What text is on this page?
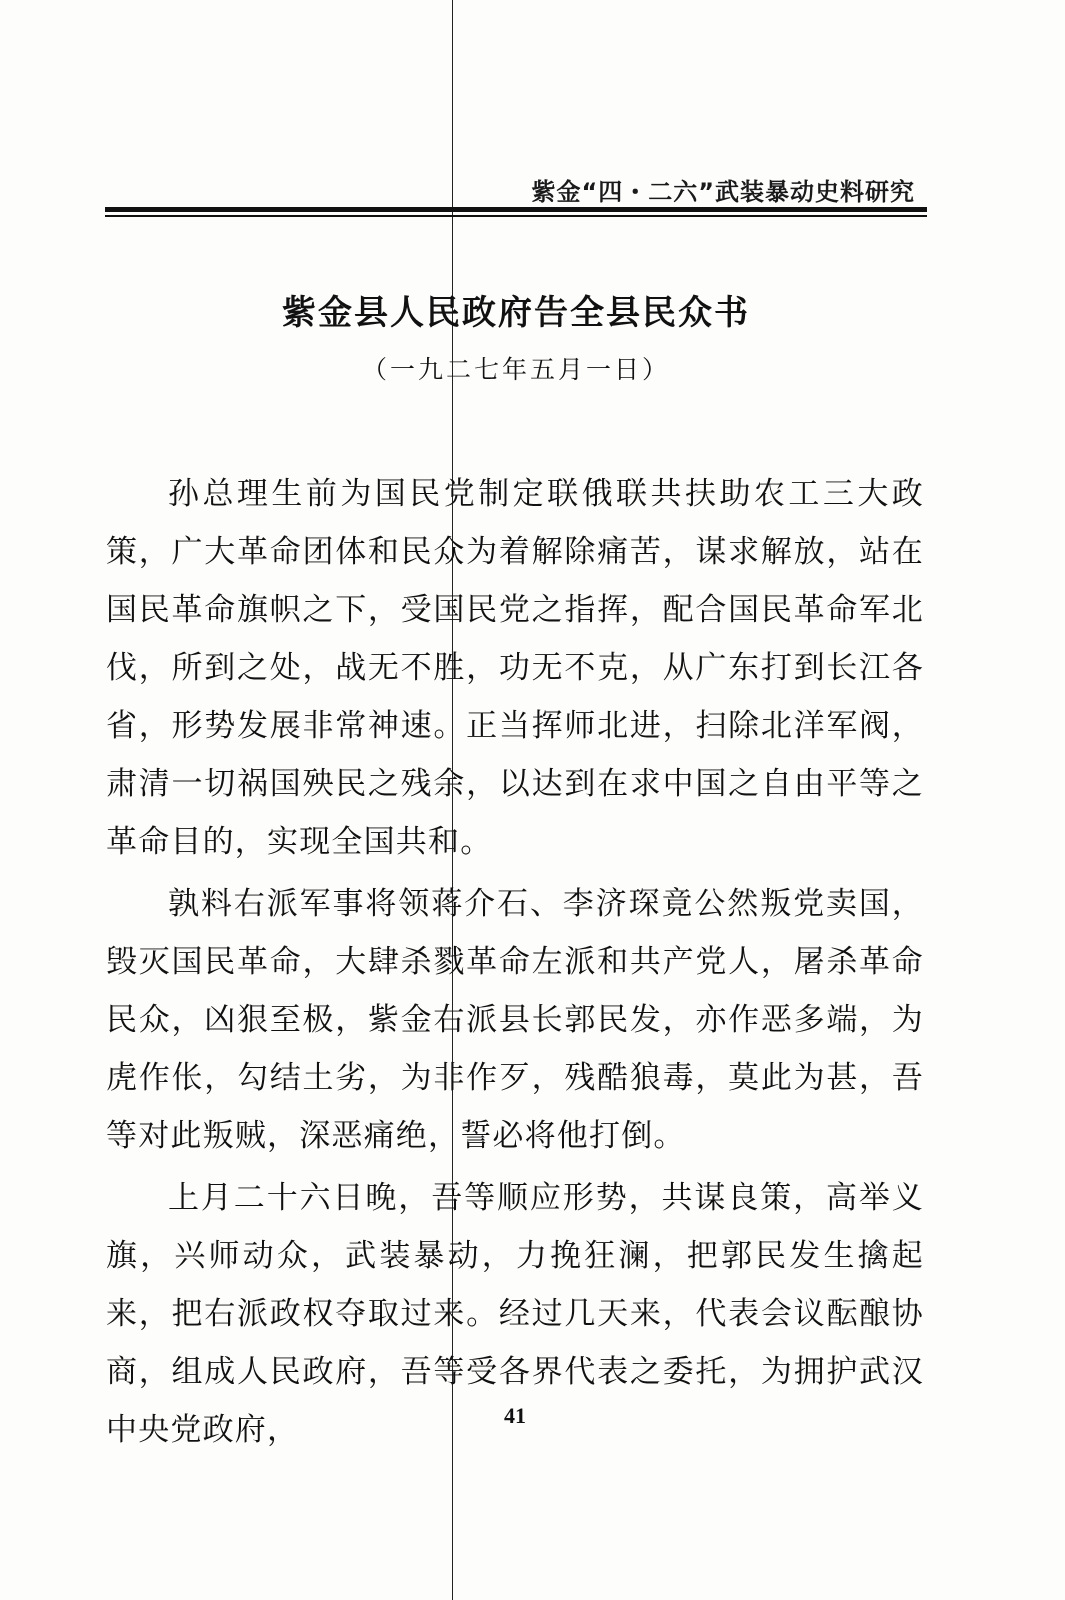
紫金“四・二六”武装暴动史料研究
紫金县人民政府告全县民众书
（一九二七年五月一日）

孙总理生前为国民党制定联俄联共扶助农工三大政策，广大革命团体和民众为着解除痛苦，谋求解放，站在国民革命旗帜之下，受国民党之指挥，配合国民革命军北伐，所到之处，战无不胜，功无不克，从广东打到长江各省，形势发展非常神速。正当挥师北进，扫除北洋军阀，肃清一切祸国殃民之残余，以达到在求中国之自由平等之革命目的，实现全国共和。

孰料右派军事将领蒋介石、李济琛竟公然叛党卖国，毁灭国民革命，大肆杀戮革命左派和共产党人，屠杀革命民众，凶狠至极，紫金右派县长郭民发，亦作恶多端，为虎作伥，勾结土劣，为非作歹，残酷狼毒，莫此为甚，吾等对此叛贼，深恶痛绝，誓必将他打倒。

上月二十六日晚，吾等顺应形势，共谋良策，高举义旗，兴师动众，武装暴动，力挽狂澜，把郭民发生擒起来，把右派政权夺取过来。经过几天来，代表会议酝酿协商，组成人民政府，吾等受各界代表之委托，为拥护武汉中央党政府，	41
